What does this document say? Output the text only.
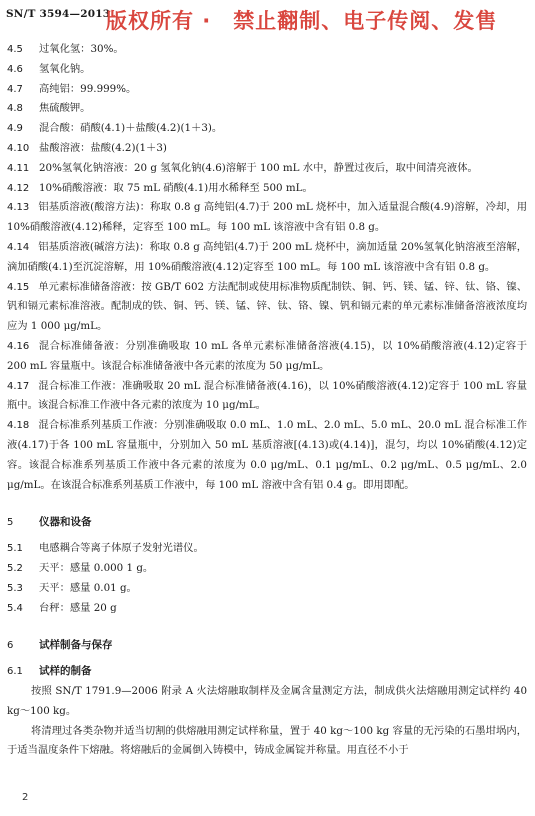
SN/T 3594—2013
版权所有 ·　禁止翻制、电子传阅、发售
4.5	过氧化氢：30%。
4.6	氢氧化钠。
4.7	高纯铝：99.999%。
4.8	焦硫酸钾。
4.9	混合酸：硝酸(4.1)＋盐酸(4.2)(1＋3)。
4.10 盐酸溶液：盐酸(4.2)(1＋3)
4.11 20%氢氧化钠溶液：20 g 氢氧化钠(4.6)溶解于 100 mL 水中，静置过夜后，取中间清亮液体。
4.12 10%硝酸溶液：取 75 mL 硝酸(4.1)用水稀释至 500 mL。
4.13 铝基质溶液(酸溶方法)：称取 0.8 g 高纯铝(4.7)于 200 mL 烧杯中，加入适量混合酸(4.9)溶解，冷却，用 10%硝酸溶液(4.12)稀释，定容至 100 mL。每 100 mL 该溶液中含有铝 0.8 g。
4.14 铝基质溶液(碱溶方法)：称取 0.8 g 高纯铝(4.7)于 200 mL 烧杯中，滴加适量 20%氢氧化钠溶液至溶解，滴加硝酸(4.1)至沉淀溶解，用 10%硝酸溶液(4.12)定容至 100 mL。每 100 mL 该溶液中含有铝 0.8 g。
4.15 单元素标准储备溶液：按 GB/T 602 方法配制或使用标准物质配制铁、铜、钙、镁、锰、锌、钛、铬、镍、钒和镉元素标准溶液。配制成的铁、铜、钙、镁、锰、锌、钛、铬、镍、钒和镉元素的单元素标准储备溶液浓度均应为 1 000 μg/mL。
4.16 混合标准储备液：分别准确吸取 10 mL 各单元素标准储备溶液(4.15)，以 10%硝酸溶液(4.12)定容于 200 mL 容量瓶中。该混合标准储备液中各元素的浓度为 50 μg/mL。
4.17 混合标准工作液：准确吸取 20 mL 混合标准储备液(4.16)，以 10%硝酸溶液(4.12)定容于 100 mL 容量瓶中。该混合标准工作液中各元素的浓度为 10 μg/mL。
4.18 混合标准系列基质工作液：分别准确吸取 0.0 mL、1.0 mL、2.0 mL、5.0 mL、20.0 mL 混合标准工作液(4.17)于各 100 mL 容量瓶中，分别加入 50 mL 基质溶液[(4.13)或(4.14)]，混匀，均以 10%硝酸(4.12)定容。该混合标准系列基质工作液中各元素的浓度为 0.0 μg/mL、0.1 μg/mL、0.2 μg/mL、0.5 μg/mL、2.0 μg/mL。在该混合标准系列基质工作液中，每 100 mL 溶液中含有铝 0.4 g。即用即配。
5 仪器和设备
5.1	电感耦合等离子体原子发射光谱仪。
5.2	天平：感量 0.000 1 g。
5.3	天平：感量 0.01 g。
5.4	台秤：感量 20 g
6 试样制备与保存
6.1 试样的制备
按照 SN/T 1791.9—2006 附录 A 火法熔融取制样及金属含量测定方法，制成供火法熔融用测定试样约 40 kg～100 kg。
将清理过各类杂物并适当切割的供熔融用测定试样称量，置于 40 kg～100 kg 容量的无污染的石墨坩埚内，于适当温度条件下熔融。将熔融后的金属倒入铸模中，铸成金属锭并称量。用直径不小于
2
